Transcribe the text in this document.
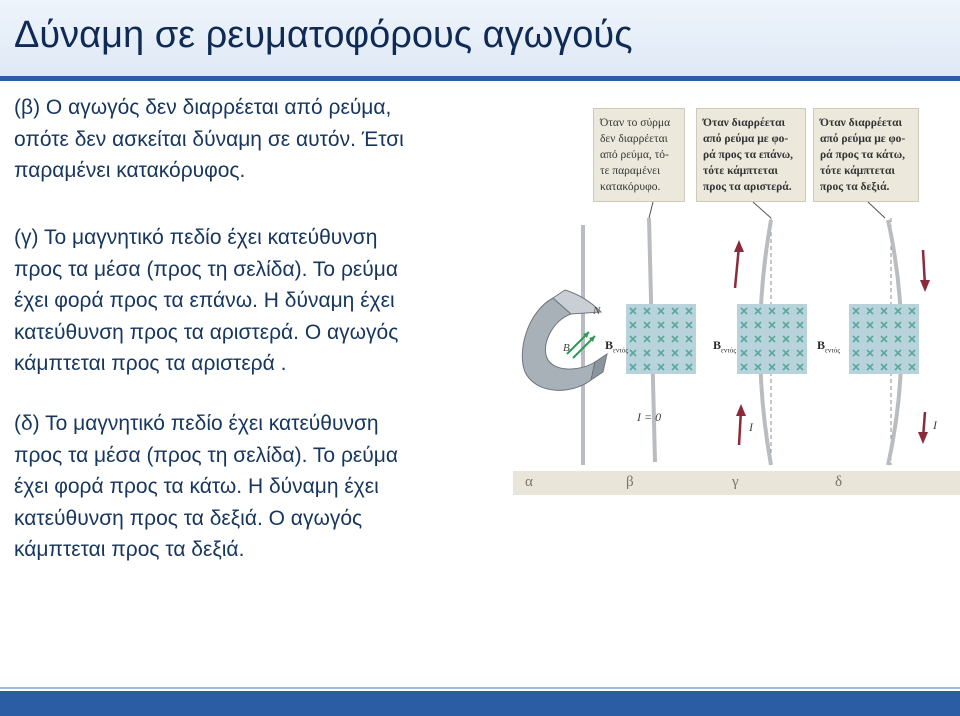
Δύναμη σε ρευματοφόρους αγωγούς
(β) Ο αγωγός δεν διαρρέεται από ρεύμα,
οπότε δεν ασκείται δύναμη σε αυτόν. Έτσι
παραμένει κατακόρυφος.
(γ) Το μαγνητικό πεδίο έχει κατεύθυνση
προς τα μέσα (προς τη σελίδα). Το ρεύμα
έχει φορά προς τα επάνω. Η δύναμη έχει
κατεύθυνση προς τα αριστερά. Ο αγωγός
κάμπτεται προς τα αριστερά .
(δ) Το μαγνητικό πεδίο έχει κατεύθυνση
προς τα μέσα (προς τη σελίδα). Το ρεύμα
έχει φορά προς τα κάτω. Η δύναμη έχει
κατεύθυνση προς τα δεξιά. Ο αγωγός
κάμπτεται προς τα δεξιά.
Όταν το σύρμα
δεν διαρρέεται
από ρεύμα, τό-
τε παραμένει
κατακόρυφο.
Όταν διαρρέεται
από ρεύμα με φο-
ρά προς τα επάνω,
τότε κάμπτεται
προς τα αριστερά.
Όταν διαρρέεται
από ρεύμα με φο-
ρά προς τα κάτω,
τότε κάμπτεται
προς τα δεξιά.
N
B	$B_{\varepsilon\nu\tau ό\varsigma}$	$B_{\varepsilon\nu\tau ό\varsigma}$	$B_{\varepsilon\nu\tau ό\varsigma}$
I = 0
I	I
α	β	γ	δ
